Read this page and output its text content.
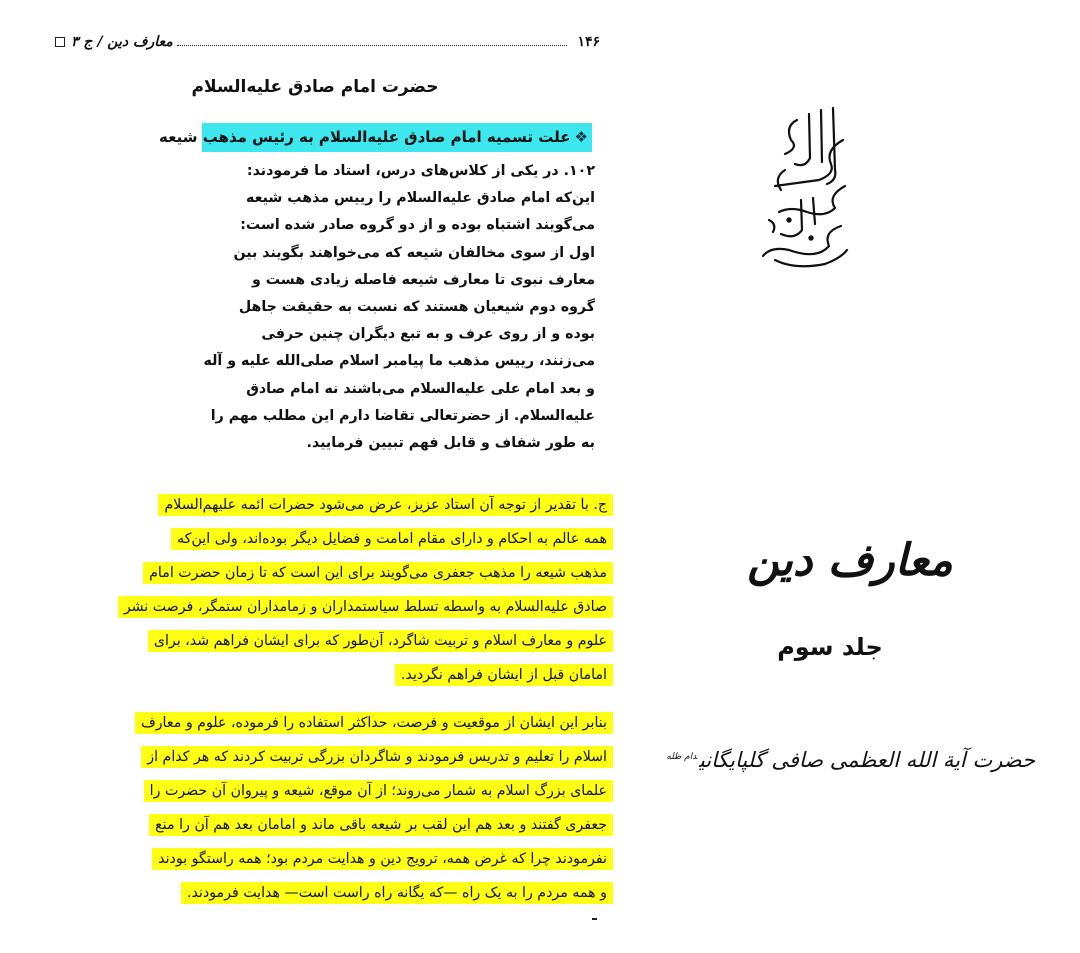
۱۴۶
معارف دین / ج ۳
حضرت امام صادق علیه‌السلام
❖علت تسمیه امام صادق علیه‌السلام به رئیس مذهب شیعه
۱۰۲. در یکی از کلاس‌های درس، استاد ما فرمودند:
این‌که امام صادق علیه‌السلام را رییس مذهب شیعه
می‌گویند اشتباه بوده و از دو گروه صادر شده است:
اول از سوی مخالفان شیعه که می‌خواهند بگویند بین
معارف نبوی تا معارف شیعه فاصله زیادی هست و
گروه دوم شیعیان هستند که نسبت به حقیقت جاهل
بوده و از روی عرف و به تبع دیگران چنین حرفی
می‌زنند، رییس مذهب ما پیامبر اسلام صلی‌الله علیه و آله
و بعد امام علی علیه‌السلام می‌باشند نه امام صادق
علیه‌السلام. از حضرتعالی تقاضا دارم این مطلب مهم را
به طور شفاف و قابل فهم تبیین فرمایید.
ج. با تقدیر از توجه آن استاد عزیز، عرض می‌شود حضرات ائمه علیهم‌السلام
همه عالم به احکام و دارای مقام امامت و فضایل دیگر بوده‌اند، ولی این‌که
مذهب شیعه را مذهب جعفری می‌گویند برای این است که تا زمان حضرت امام
صادق علیه‌السلام به واسطه تسلط سیاستمداران و زمامداران ستمگر، فرصت نشر
علوم و معارف اسلام و تربیت شاگرد، آن‌طور که برای ایشان فراهم شد، برای
امامان قبل از ایشان فراهم نگردید.
بنابر این ایشان از موقعیت و فرصت، حداکثر استفاده را فرموده، علوم و معارف
اسلام را تعلیم و تدریس فرمودند و شاگردان بزرگی تربیت کردند که هر کدام از
علمای بزرگ اسلام به شمار می‌روند؛ از آن موقع، شیعه و پیروان آن حضرت را
جعفری گفتند و بعد هم این لقب بر شیعه باقی ماند و امامان بعد هم آن را منع
نفرمودند چرا که غرض همه، ترویج دین و هدایت مردم بود؛ همه راستگو بودند
و همه مردم را به یک راه —که یگانه راه راست است— هدایت فرمودند.
معارف دین
جلد سوم
حضرت آیة الله العظمی صافی گلپایگانی$^{دام ظله}$
